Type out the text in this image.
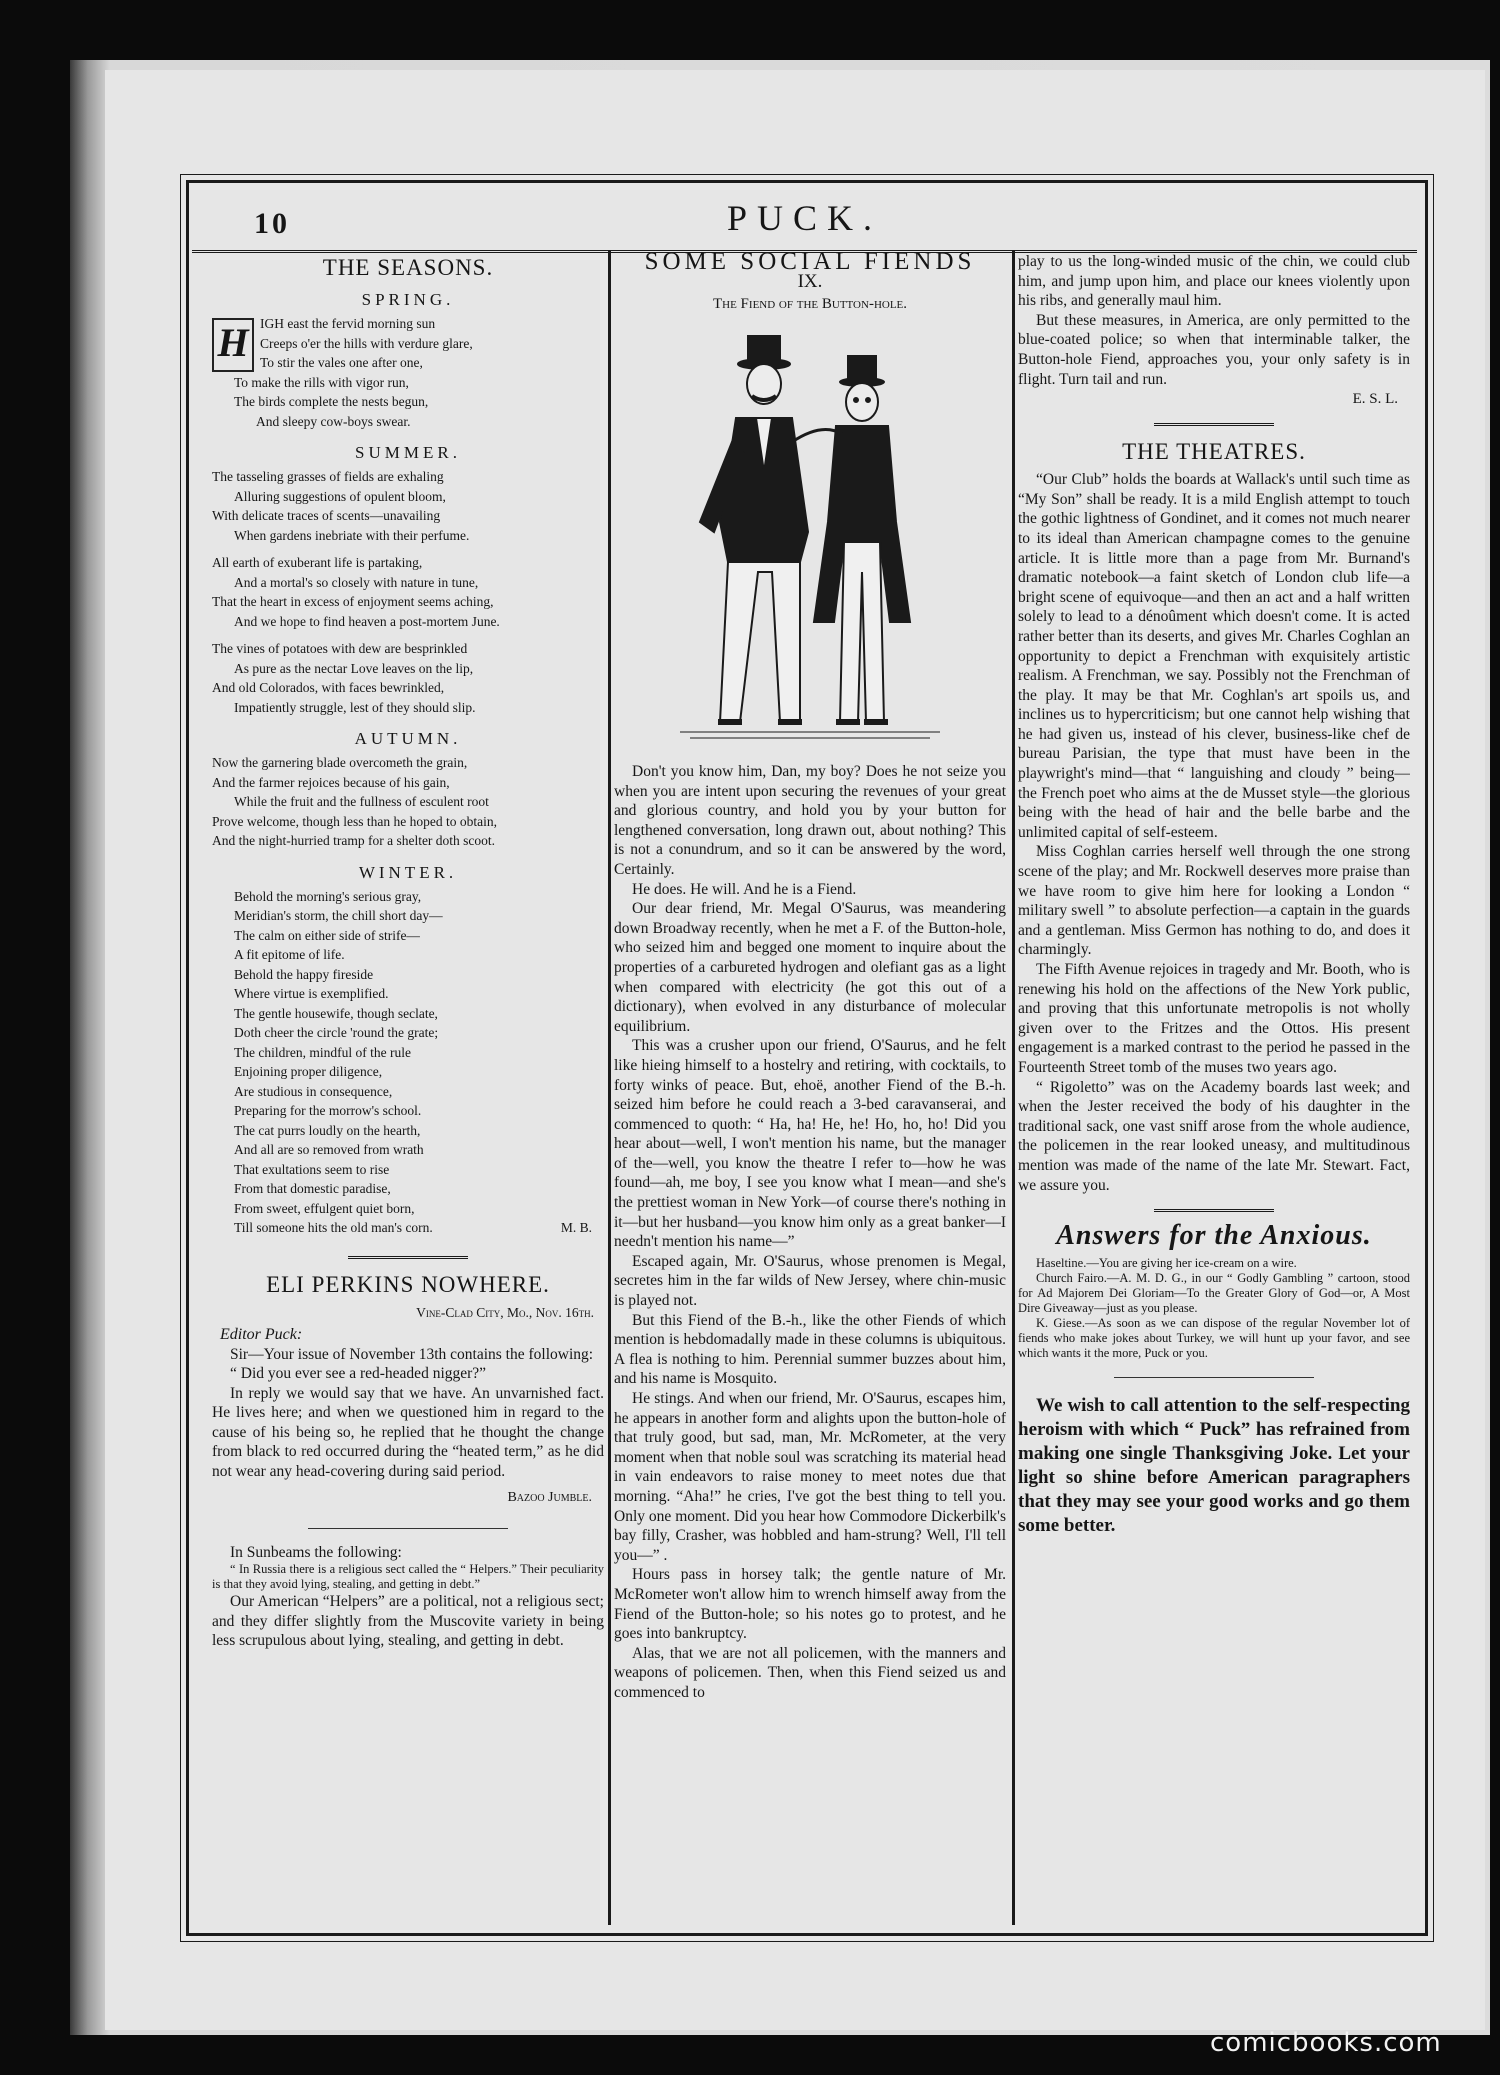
10	PUCK.
THE SEASONS.
SPRING.
H IGH east the fervid morning sun
Creeps o'er the hills with verdure glare,
To stir the vales one after one,
To make the rills with vigor run,
The birds complete the nests begun,
And sleepy cow-boys swear.
SUMMER.
The tasseling grasses of fields are exhaling
Alluring suggestions of opulent bloom,
With delicate traces of scents—unavailing
When gardens inebriate with their perfume.
All earth of exuberant life is partaking,
And a mortal's so closely with nature in tune,
That the heart in excess of enjoyment seems aching,
And we hope to find heaven a post-mortem June.
The vines of potatoes with dew are besprinkled
As pure as the nectar Love leaves on the lip,
And old Colorados, with faces bewrinkled,
Impatiently struggle, lest of they should slip.
AUTUMN.
Now the garnering blade overcometh the grain,
And the farmer rejoices because of his gain,
While the fruit and the fullness of esculent root
Prove welcome, though less than he hoped to obtain,
And the night-hurried tramp for a shelter doth scoot.
WINTER.
Behold the morning's serious gray,
Meridian's storm, the chill short day—
The calm on either side of strife—
A fit epitome of life.
Behold the happy fireside
Where virtue is exemplified.
The gentle housewife, though seclate,
Doth cheer the circle 'round the grate;
The children, mindful of the rule
Enjoining proper diligence,
Are studious in consequence,
Preparing for the morrow's school.
The cat purrs loudly on the hearth,
And all are so removed from wrath
That exultations seem to rise
From that domestic paradise,
From sweet, effulgent quiet born,
Till someone hits the old man's corn.	M. B.
ELI PERKINS NOWHERE.
Vine-Clad City, Mo., Nov. 16th.
Editor Puck:

Sir—Your issue of November 13th contains the following:

“ Did you ever see a red-headed nigger?”

In reply we would say that we have. An unvarnished fact. He lives here; and when we questioned him in regard to the cause of his being so, he replied that he thought the change from black to red occurred during the “heated term,” as he did not wear any head-covering during said period.

Bazoo Jumble.

In Sunbeams the following:

“ In Russia there is a religious sect called the “ Helpers.” Their peculiarity is that they avoid lying, stealing, and getting in debt.”

Our American “Helpers” are a political, not a religious sect; and they differ slightly from the Muscovite variety in being less scrupulous about lying, stealing, and getting in debt.

SOME SOCIAL FIENDS
IX.
The Fiend of the Button-hole.

Don't you know him, Dan, my boy? Does he not seize you when you are intent upon securing the revenues of your great and glorious country, and hold you by your button for lengthened conversation, long drawn out, about nothing? This is not a conundrum, and so it can be answered by the word, Certainly.

He does. He will. And he is a Fiend.

Our dear friend, Mr. Megal O'Saurus, was meandering down Broadway recently, when he met a F. of the Button-hole, who seized him and begged one moment to inquire about the properties of a carbureted hydrogen and olefiant gas as a light when compared with electricity (he got this out of a dictionary), when evolved in any disturbance of molecular equilibrium.

This was a crusher upon our friend, O'Saurus, and he felt like hieing himself to a hostelry and retiring, with cocktails, to forty winks of peace. But, ehoë, another Fiend of the B.-h. seized him before he could reach a 3-bed caravanserai, and commenced to quoth: “ Ha, ha! He, he! Ho, ho, ho! Did you hear about—well, I won't mention his name, but the manager of the—well, you know the theatre I refer to—how he was found—ah, me boy, I see you know what I mean—and she's the prettiest woman in New York—of course there's nothing in it—but her husband—you know him only as a great banker—I needn't mention his name—”

Escaped again, Mr. O'Saurus, whose prenomen is Megal, secretes him in the far wilds of New Jersey, where chin-music is played not.

But this Fiend of the B.-h., like the other Fiends of which mention is hebdomadally made in these columns is ubiquitous. A flea is nothing to him. Perennial summer buzzes about him, and his name is Mosquito.

He stings. And when our friend, Mr. O'Saurus, escapes him, he appears in another form and alights upon the button-hole of that truly good, but sad, man, Mr. McRometer, at the very moment when that noble soul was scratching its material head in vain endeavors to raise money to meet notes due that morning. “Aha!” he cries, I've got the best thing to tell you. Only one moment. Did you hear how Commodore Dickerbilk's bay filly, Crasher, was hobbled and ham-strung? Well, I'll tell you—” .

Hours pass in horsey talk; the gentle nature of Mr. McRometer won't allow him to wrench himself away from the Fiend of the Button-hole; so his notes go to protest, and he goes into bankruptcy.

Alas, that we are not all policemen, with the manners and weapons of policemen. Then, when this Fiend seized us and commenced to

play to us the long-winded music of the chin, we could club him, and jump upon him, and place our knees violently upon his ribs, and generally maul him.

But these measures, in America, are only permitted to the blue-coated police; so when that interminable talker, the Button-hole Fiend, approaches you, your only safety is in flight. Turn tail and run.

E. S. L.
THE THEATRES.

“Our Club” holds the boards at Wallack's until such time as “My Son” shall be ready. It is a mild English attempt to touch the gothic lightness of Gondinet, and it comes not much nearer to its ideal than American champagne comes to the genuine article. It is little more than a page from Mr. Burnand's dramatic notebook—a faint sketch of London club life—a bright scene of equivoque—and then an act and a half written solely to lead to a dénoûment which doesn't come. It is acted rather better than its deserts, and gives Mr. Charles Coghlan an opportunity to depict a Frenchman with exquisitely artistic realism. A Frenchman, we say. Possibly not the Frenchman of the play. It may be that Mr. Coghlan's art spoils us, and inclines us to hypercriticism; but one cannot help wishing that he had given us, instead of his clever, business-like chef de bureau Parisian, the type that must have been in the playwright's mind—that “ languishing and cloudy ” being—the French poet who aims at the de Musset style—the glorious being with the head of hair and the belle barbe and the unlimited capital of self-esteem.

Miss Coghlan carries herself well through the one strong scene of the play; and Mr. Rockwell deserves more praise than we have room to give him here for looking a London “ military swell ” to absolute perfection—a captain in the guards and a gentleman. Miss Germon has nothing to do, and does it charmingly.

The Fifth Avenue rejoices in tragedy and Mr. Booth, who is renewing his hold on the affections of the New York public, and proving that this unfortunate metropolis is not wholly given over to the Fritzes and the Ottos. His present engagement is a marked contrast to the period he passed in the Fourteenth Street tomb of the muses two years ago.

“ Rigoletto” was on the Academy boards last week; and when the Jester received the body of his daughter in the traditional sack, one vast sniff arose from the whole audience, the policemen in the rear looked uneasy, and multitudinous mention was made of the name of the late Mr. Stewart. Fact, we assure you.

Answers for the Anxious.

Haseltine.—You are giving her ice-cream on a wire.

Church Fairo.—A. M. D. G., in our “ Godly Gambling ” cartoon, stood for Ad Majorem Dei Gloriam—To the Greater Glory of God—or, A Most Dire Giveaway—just as you please.

K. Giese.—As soon as we can dispose of the regular November lot of fiends who make jokes about Turkey, we will hunt up your favor, and see which wants it the more, Puck or you.

We wish to call attention to the self-respecting heroism with which “ Puck” has refrained from making one single Thanksgiving Joke. Let your light so shine before American paragraphers that they may see your good works and go them some better.

comicbooks.com
